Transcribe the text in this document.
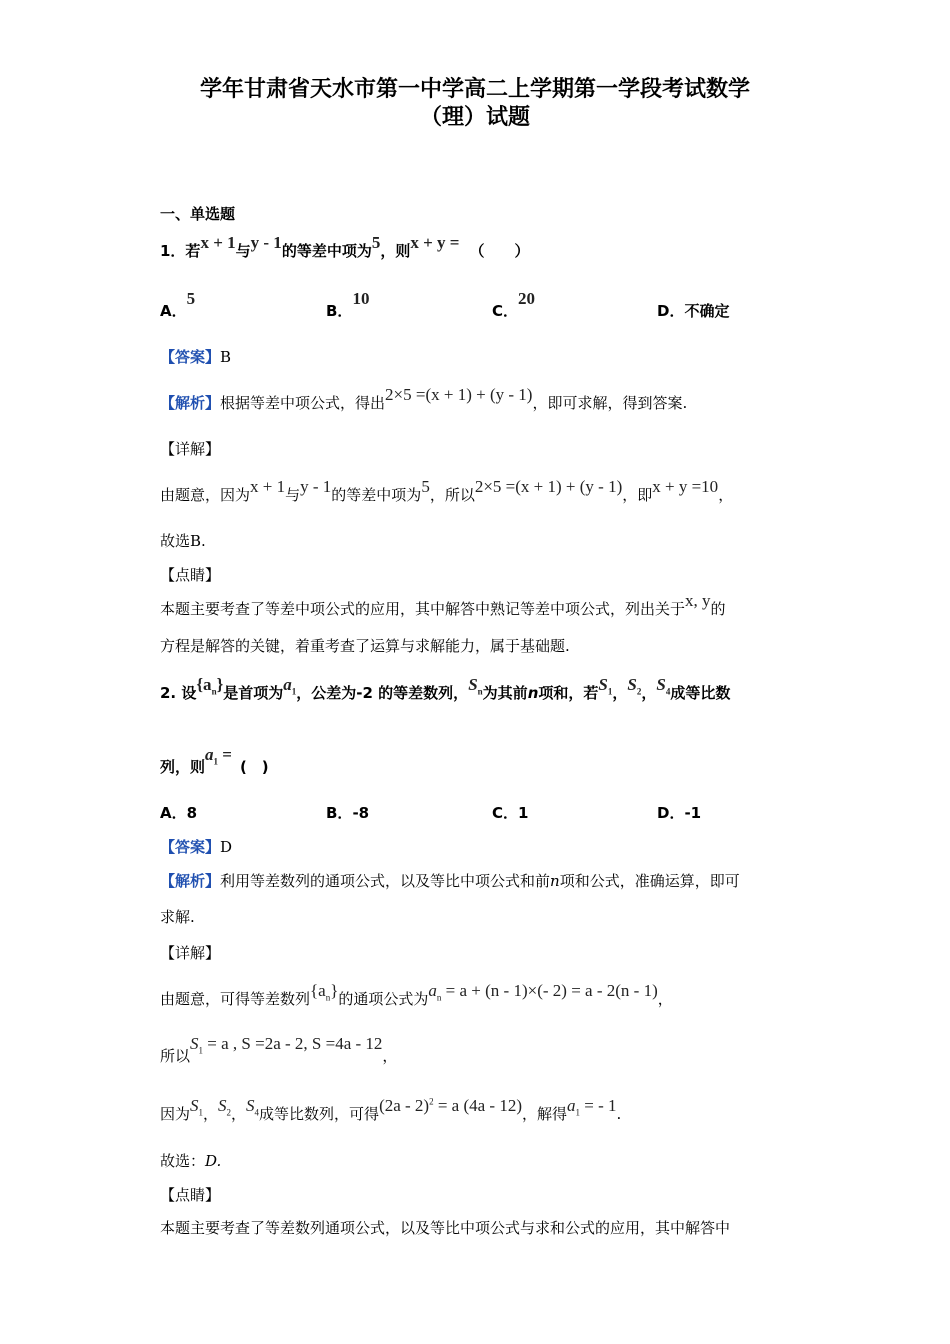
学年甘肃省天水市第一中学高二上学期第一学段考试数学
（理）试题
一、单选题
1．若x + 1与y - 1的等差中项为5，则x + y = （　　）
A．5
B．10
C．20
D．不确定
【答案】B
【解析】根据等差中项公式，得出2×5 =(x + 1) + (y - 1)，即可求解，得到答案.
【详解】
由题意，因为x + 1与y - 1的等差中项为5，所以2×5 =(x + 1) + (y - 1)，即x + y =10，
故选B.
【点睛】
本题主要考查了等差中项公式的应用，其中解答中熟记等差中项公式，列出关于x, y的
方程是解答的关键，着重考查了运算与求解能力，属于基础题.
2. 设$\{a_n\}$是首项为$a_1$，公差为-2 的等差数列，$S_n$为其前n项和，若$S_1$，$S_2$，$S_4$成等比数
列，则$a_1$ =(　)
A．8	B．-8	C．1	D．-1
【答案】D
【解析】利用等差数列的通项公式，以及等比中项公式和前n项和公式，准确运算，即可
求解.
【详解】
由题意，可得等差数列$\{a_n\}$的通项公式为$a_n = a + (n - 1)\times(-$ 2) = a - 2(n - 1)，
所以$S_1 = a$ , S =2a - 2, S =4a - 12，
因为$S_1$，$S_2$，$S_4$成等比数列，可得(2a - 2)$^2$ = a (4a - 12)，解得$a_1$ = - 1.
故选：D.
【点睛】
本题主要考查了等差数列通项公式，以及等比中项公式与求和公式的应用，其中解答中
